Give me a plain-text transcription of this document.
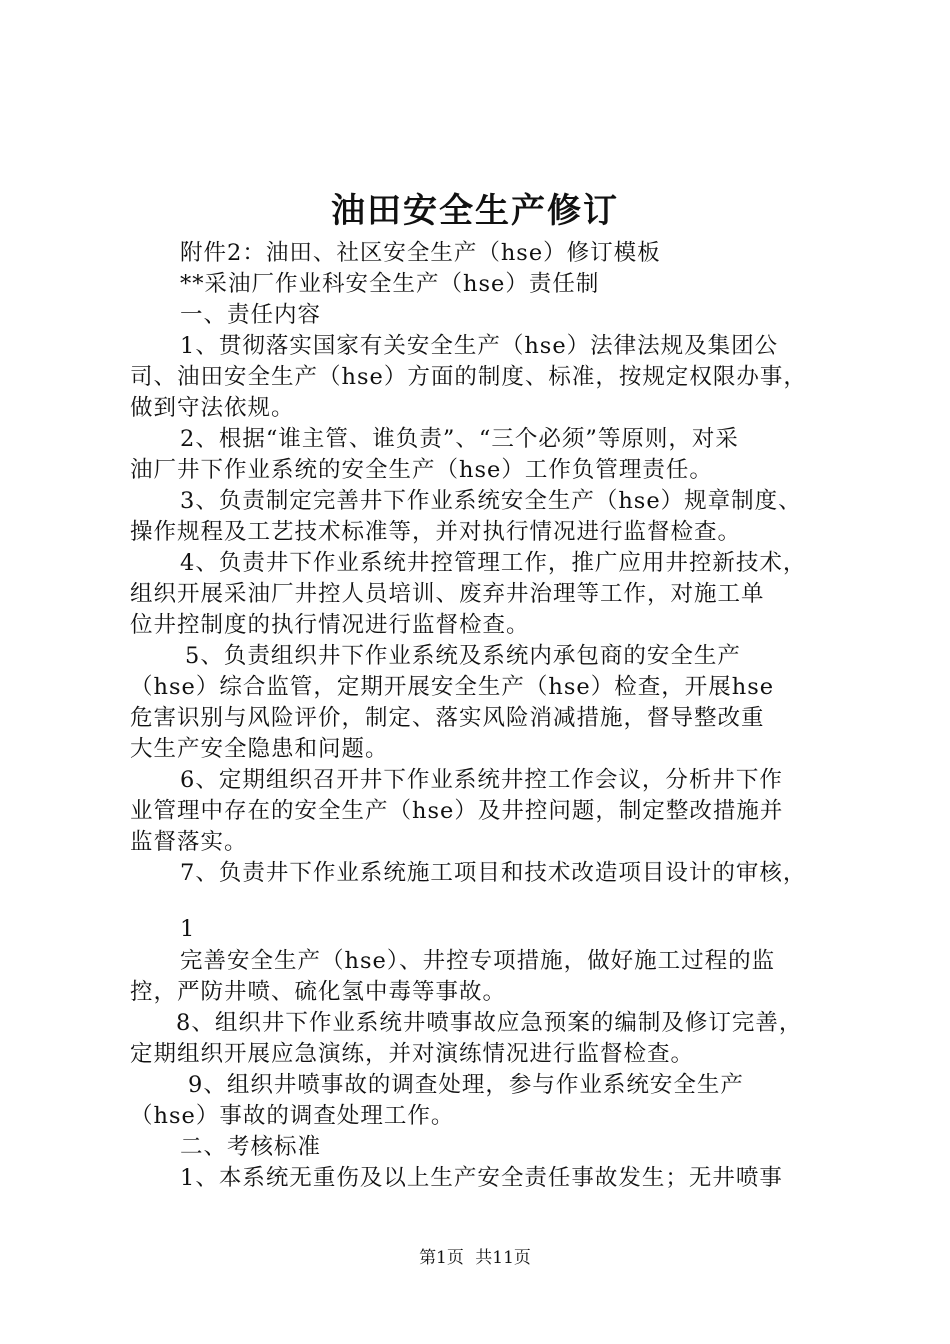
油田安全生产修订
附件2：油田、社区安全生产（hse）修订模板
**采油厂作业科安全生产（hse）责任制
一、责任内容
1、贯彻落实国家有关安全生产（hse）法律法规及集团公
司、油田安全生产（hse）方面的制度、标准，按规定权限办事，
做到守法依规。
2、根据“谁主管、谁负责”、“三个必须”等原则，对采
油厂井下作业系统的安全生产（hse）工作负管理责任。
3、负责制定完善井下作业系统安全生产（hse）规章制度、
操作规程及工艺技术标准等，并对执行情况进行监督检查。
4、负责井下作业系统井控管理工作，推广应用井控新技术，
组织开展采油厂井控人员培训、废弃井治理等工作，对施工单
位井控制度的执行情况进行监督检查。
5、负责组织井下作业系统及系统内承包商的安全生产
（hse）综合监管，定期开展安全生产（hse）检查，开展hse
危害识别与风险评价，制定、落实风险消减措施，督导整改重
大生产安全隐患和问题。
6、定期组织召开井下作业系统井控工作会议，分析井下作
业管理中存在的安全生产（hse）及井控问题，制定整改措施并
监督落实。
7、负责井下作业系统施工项目和技术改造项目设计的审核，
1
完善安全生产（hse）、井控专项措施，做好施工过程的监
控，严防井喷、硫化氢中毒等事故。
8、组织井下作业系统井喷事故应急预案的编制及修订完善，
定期组织开展应急演练，并对演练情况进行监督检查。
9、组织井喷事故的调查处理，参与作业系统安全生产
（hse）事故的调查处理工作。
二、考核标准
1、本系统无重伤及以上生产安全责任事故发生；无井喷事
第1页 共11页
